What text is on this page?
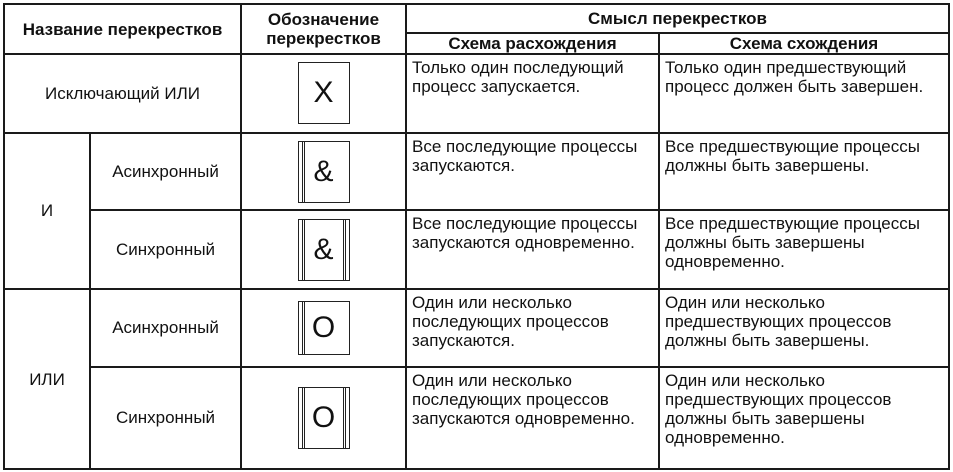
Название перекрестков		Обозначение перекрестков	Смысл перекрестков	
			Схема расхождения	Схема схождения
Исключающий ИЛИ		X	Только один последующий процесс запускается.	Только один предшествующий процесс должен быть завершен.
И	Асинхронный	&	Все последующие процессы запускаются.	Все предшествующие процессы должны быть завершены.
	Синхронный	&	Все последующие процессы запускаются одновременно.	Все предшествующие процессы должны быть завершены одновременно.
ИЛИ	Асинхронный	O	Один или несколько последующих процессов запускаются.	Один или несколько предшествующих процессов должны быть завершены.
	Синхронный	O	Один или несколько последующих процессов запускаются одновременно.	Один или несколько предшествующих процессов должны быть завершены одновременно.
